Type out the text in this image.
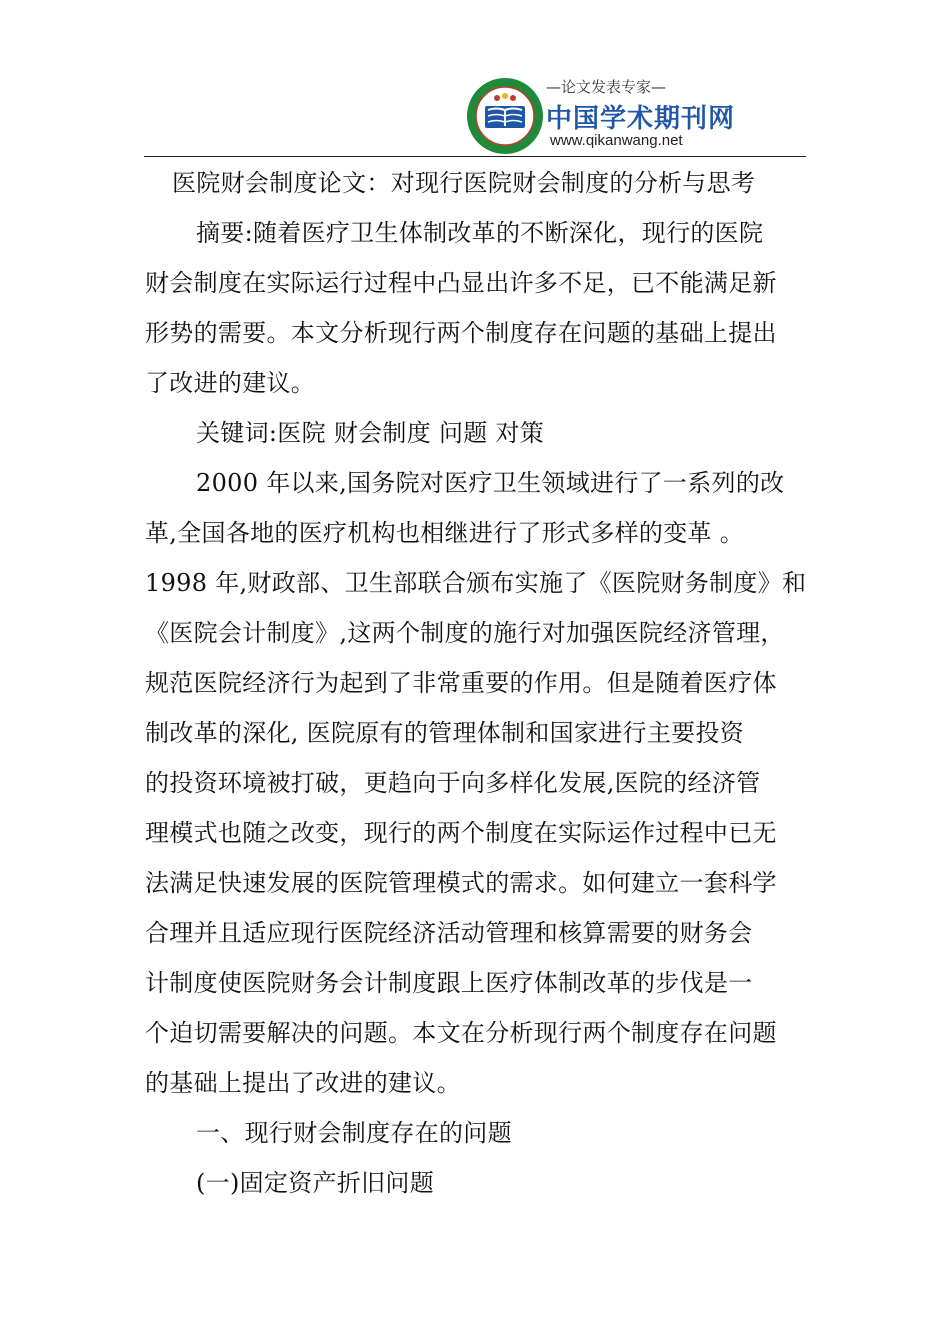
—论文发表专家—
中国学术期刊网
www.qikanwang.net
医院财会制度论文：对现行医院财会制度的分析与思考
摘要:随着医疗卫生体制改革的不断深化，现行的医院
财会制度在实际运行过程中凸显出许多不足，已不能满足新
形势的需要。本文分析现行两个制度存在问题的基础上提出
了改进的建议。
关键词:医院 财会制度 问题 对策
2000 年以来,国务院对医疗卫生领域进行了一系列的改
革,全国各地的医疗机构也相继进行了形式多样的变革 。
1998 年,财政部、卫生部联合颁布实施了《医院财务制度》和
《医院会计制度》,这两个制度的施行对加强医院经济管理，
规范医院经济行为起到了非常重要的作用。但是随着医疗体
制改革的深化, 医院原有的管理体制和国家进行主要投资
的投资环境被打破，更趋向于向多样化发展,医院的经济管
理模式也随之改变，现行的两个制度在实际运作过程中已无
法满足快速发展的医院管理模式的需求。如何建立一套科学
合理并且适应现行医院经济活动管理和核算需要的财务会
计制度使医院财务会计制度跟上医疗体制改革的步伐是一
个迫切需要解决的问题。本文在分析现行两个制度存在问题
的基础上提出了改进的建议。
一、现行财会制度存在的问题
(一)固定资产折旧问题
